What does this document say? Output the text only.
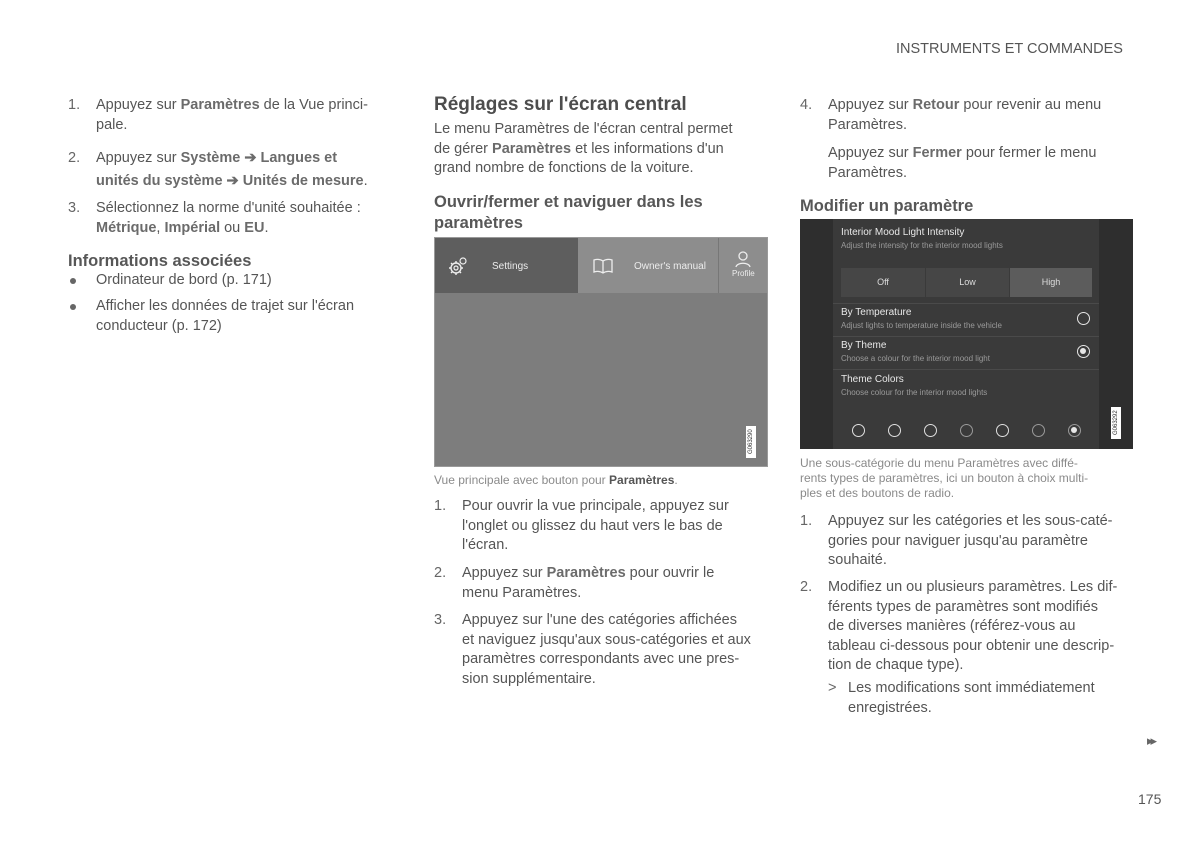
INSTRUMENTS ET COMMANDES
1. Appuyez sur Paramètres de la Vue princi-
pale.
2. Appuyez sur Système ➔ Langues et
unités du système ➔ Unités de mesure.
3. Sélectionnez la norme d'unité souhaitée :
Métrique, Impérial ou EU.
Informations associées
Ordinateur de bord (p. 171)
Afficher les données de trajet sur l'écran
conducteur (p. 172)
Réglages sur l'écran central
Le menu Paramètres de l'écran central permet
de gérer Paramètres et les informations d'un
grand nombre de fonctions de la voiture.
Ouvrir/fermer et naviguer dans les
paramètres
Settings	Owner's manual
Profile
G063290
Vue principale avec bouton pour Paramètres.
1. Pour ouvrir la vue principale, appuyez sur
l'onglet ou glissez du haut vers le bas de
l'écran.
2. Appuyez sur Paramètres pour ouvrir le
menu Paramètres.
3. Appuyez sur l'une des catégories affichées
et naviguez jusqu'aux sous-catégories et aux
paramètres correspondants avec une pres-
sion supplémentaire.
4. Appuyez sur Retour pour revenir au menu
Paramètres.
Appuyez sur Fermer pour fermer le menu
Paramètres.
Modifier un paramètre
Interior Mood Light Intensity
Adjust the intensity for the interior mood lights
Off	Low	High
By Temperature
Adjust lights to temperature inside the vehicle
By Theme
Choose a colour for the interior mood light
Theme Colors
Choose colour for the interior mood lights
G063292
Une sous-catégorie du menu Paramètres avec diffé-
rents types de paramètres, ici un bouton à choix multi-
ples et des boutons de radio.
1. Appuyez sur les catégories et les sous-caté-
gories pour naviguer jusqu'au paramètre
souhaité.
2. Modifiez un ou plusieurs paramètres. Les dif-
férents types de paramètres sont modifiés
de diverses manières (référez-vous au
tableau ci-dessous pour obtenir une descrip-
tion de chaque type).
> Les modifications sont immédiatement
enregistrées.
▸▸
175
